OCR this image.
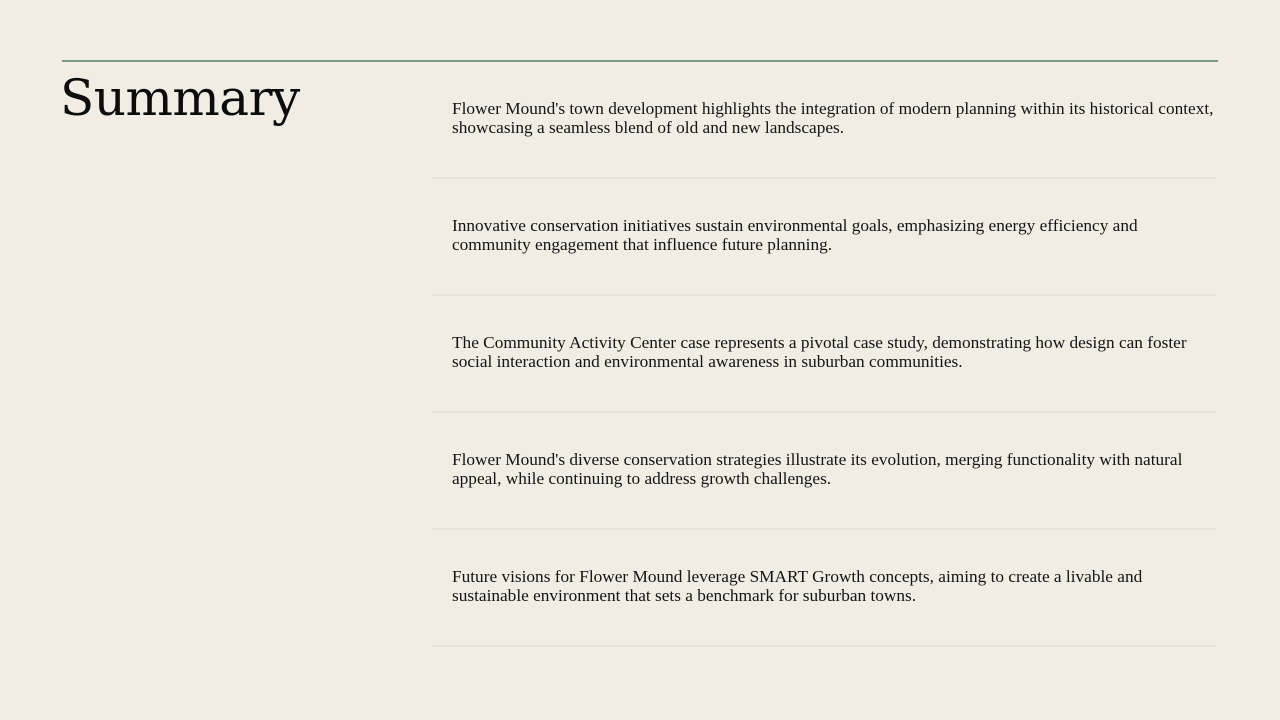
Summary	Flower Mound's town development highlights the integration of modern planning within its historical context, showcasing a seamless blend of old and new landscapes.

Innovative conservation initiatives sustain environmental goals, emphasizing energy efficiency and community engagement that influence future planning.

The Community Activity Center case represents a pivotal case study, demonstrating how design can foster social interaction and environmental awareness in suburban communities.

Flower Mound's diverse conservation strategies illustrate its evolution, merging functionality with natural appeal, while continuing to address growth challenges.

Future visions for Flower Mound leverage SMART Growth concepts, aiming to create a livable and sustainable environment that sets a benchmark for suburban towns.
